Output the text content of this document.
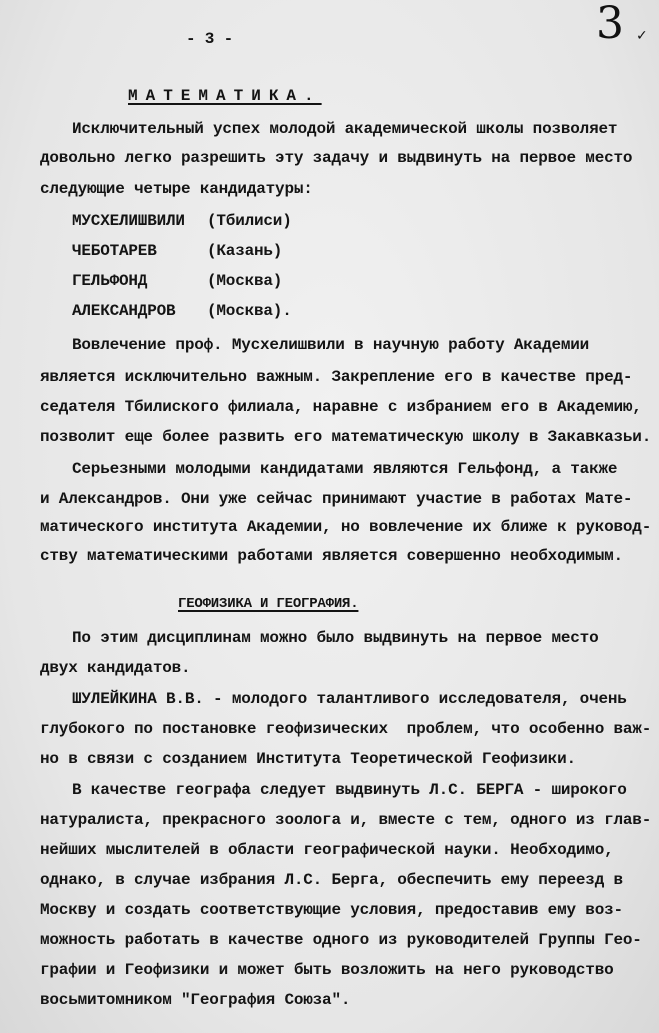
3 ✓
- 3 -
МАТЕМАТИКА.
Исключительный успех молодой академической школы позволяет
довольно легко разрешить эту задачу и выдвинуть на первое место
следующие четыре кандидатуры:
МУСХЕЛИШВИЛИ (Тбилиси)
ЧЕБОТАРЕВ	(Казань)
ГЕЛЬФОНД	(Москва)
АЛЕКСАНДРОВ (Москва).
Вовлечение проф. Мусхелишвили в научную работу Академии
является исключительно важным. Закрепление его в качестве пред-
седателя Тбилиского филиала, наравне с избранием его в Академию,
позволит еще более развить его математическую школу в Закавказьи.
Серьезными молодыми кандидатами являются Гельфонд, а также
и Александров. Они уже сейчас принимают участие в работах Мате-
матического института Академии, но вовлечение их ближе к руковод-
ству математическими работами является совершенно необходимым.
ГЕОФИЗИКА И ГЕОГРАФИЯ.
По этим дисциплинам можно было выдвинуть на первое место
двух кандидатов.
ШУЛЕЙКИНА В.В. - молодого талантливого исследователя, очень
глубокого по постановке геофизических  проблем, что особенно важ-
но в связи с созданием Института Теоретической Геофизики.
В качестве географа следует выдвинуть Л.С. БЕРГА - широкого
натуралиста, прекрасного зоолога и, вместе с тем, одного из глав-
нейших мыслителей в области географической науки. Необходимо,
однако, в случае избрания Л.С. Берга, обеспечить ему переезд в
Москву и создать соответствующие условия, предоставив ему воз-
можность работать в качестве одного из руководителей Группы Гео-
графии и Геофизики и может быть возложить на него руководство
восьмитомником "География Союза".
